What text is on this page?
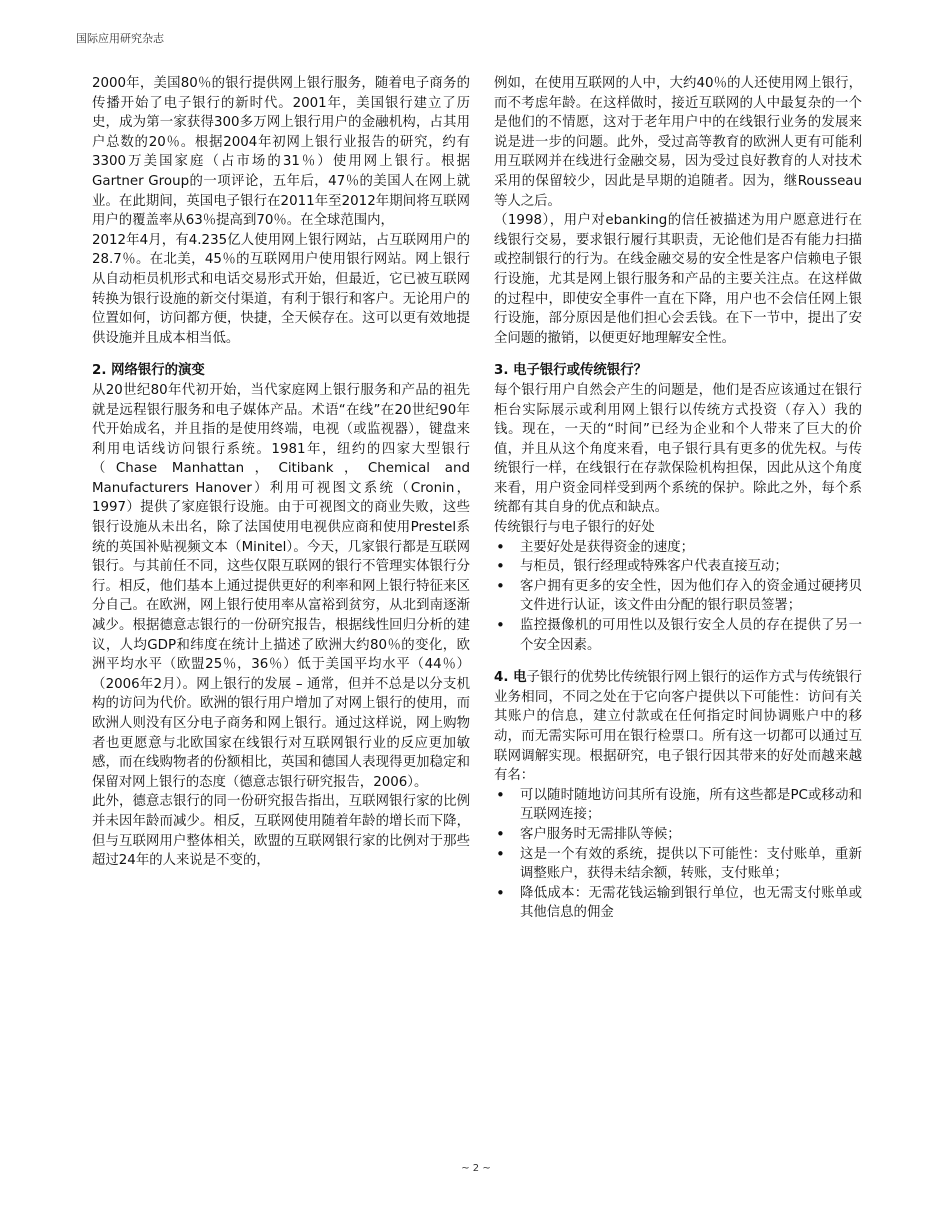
国际应用研究杂志

2000年，美国80％的银行提供网上银行服务，随着电子商务的传播开始了电子银行的新时代。2001年，美国银行建立了历史，成为第一家获得300多万网上银行用户的金融机构，占其用户总数的20％。根据2004年初网上银行业报告的研究，约有3300万美国家庭（占市场的31％）使用网上银行。根据Gartner Group的一项评论，五年后，47％的美国人在网上就业。在此期间，英国电子银行在2011年至2012年期间将互联网用户的覆盖率从63％提高到70％。在全球范围内，

2012年4月，有4.235亿人使用网上银行网站，占互联网用户的28.7％。在北美，45％的互联网用户使用银行网站。网上银行从自动柜员机形式和电话交易形式开始，但最近，它已被互联网转换为银行设施的新交付渠道，有利于银行和客户。无论用户的位置如何，访问都方便，快捷，全天候存在。这可以更有效地提供设施并且成本相当低。

2. 网络银行的演变

从20世纪80年代初开始，当代家庭网上银行服务和产品的祖先就是远程银行服务和电子媒体产品。术语“在线”在20世纪90年代开始成名，并且指的是使用终端，电视（或监视器），键盘来利用电话线访问银行系统。1981年，纽约的四家大型银行（Chase Manhattan，Citibank，Chemical and Manufacturers Hanover）利用可视图文系统（Cronin，1997）提供了家庭银行设施。由于可视图文的商业失败，这些银行设施从未出名，除了法国使用电视供应商和使用Prestel系统的英国补贴视频文本（Minitel）。今天，几家银行都是互联网银行。与其前任不同，这些仅限互联网的银行不管理实体银行分行。相反，他们基本上通过提供更好的利率和网上银行特征来区分自己。在欧洲，网上银行使用率从富裕到贫穷，从北到南逐渐减少。根据德意志银行的一份研究报告，根据线性回归分析的建议，人均GDP和纬度在统计上描述了欧洲大约80％的变化，欧洲平均水平（欧盟25％，36％）低于美国平均水平（44％）（2006年2月）。网上银行的发展 – 通常，但并不总是以分支机构的访问为代价。欧洲的银行用户增加了对网上银行的使用，而欧洲人则没有区分电子商务和网上银行。通过这样说，网上购物者也更愿意与北欧国家在线银行对互联网银行业的反应更加敏感，而在线购物者的份额相比，英国和德国人表现得更加稳定和保留对网上银行的态度（德意志银行研究报告，2006）。

此外，德意志银行的同一份研究报告指出，互联网银行家的比例并未因年龄而减少。相反，互联网使用随着年龄的增长而下降，但与互联网用户整体相关，欧盟的互联网银行家的比例对于那些超过24年的人来说是不变的，

例如，在使用互联网的人中，大约40％的人还使用网上银行，而不考虑年龄。在这样做时，接近互联网的人中最复杂的一个是他们的不情愿，这对于老年用户中的在线银行业务的发展来说是进一步的问题。此外，受过高等教育的欧洲人更有可能利用互联网并在线进行金融交易，因为受过良好教育的人对技术采用的保留较少，因此是早期的追随者。因为，继Rousseau等人之后。

（1998），用户对ebanking的信任被描述为用户愿意进行在线银行交易，要求银行履行其职责，无论他们是否有能力扫描或控制银行的行为。在线金融交易的安全性是客户信赖电子银行设施，尤其是网上银行服务和产品的主要关注点。在这样做的过程中，即使安全事件一直在下降，用户也不会信任网上银行设施，部分原因是他们担心会丢钱。在下一节中，提出了安全问题的撤销，以便更好地理解安全性。

3. 电子银行或传统银行？

每个银行用户自然会产生的问题是，他们是否应该通过在银行柜台实际展示或利用网上银行以传统方式投资（存入）我的钱。现在，一天的“时间”已经为企业和个人带来了巨大的价值，并且从这个角度来看，电子银行具有更多的优先权。与传统银行一样，在线银行在存款保险机构担保，因此从这个角度来看，用户资金同样受到两个系统的保护。除此之外，每个系统都有其自身的优点和缺点。

传统银行与电子银行的好处

• 主要好处是获得资金的速度；
• 与柜员，银行经理或特殊客户代表直接互动；
• 客户拥有更多的安全性，因为他们存入的资金通过硬拷贝文件进行认证，该文件由分配的银行职员签署；
• 监控摄像机的可用性以及银行安全人员的存在提供了另一个安全因素。

4. 电子银行的优势比传统银行网上银行的运作方式与传统银行业务相同，不同之处在于它向客户提供以下可能性：访问有关其账户的信息，建立付款或在任何指定时间协调账户中的移动，而无需实际可用在银行检票口。所有这一切都可以通过互联网调解实现。根据研究，电子银行因其带来的好处而越来越有名：

• 可以随时随地访问其所有设施，所有这些都是PC或移动和互联网连接；
• 客户服务时无需排队等候；
• 这是一个有效的系统，提供以下可能性：支付账单，重新调整账户，获得未结余额，转账，支付账单；
• 降低成本：无需花钱运输到银行单位，也无需支付账单或其他信息的佣金
~ 2 ~
